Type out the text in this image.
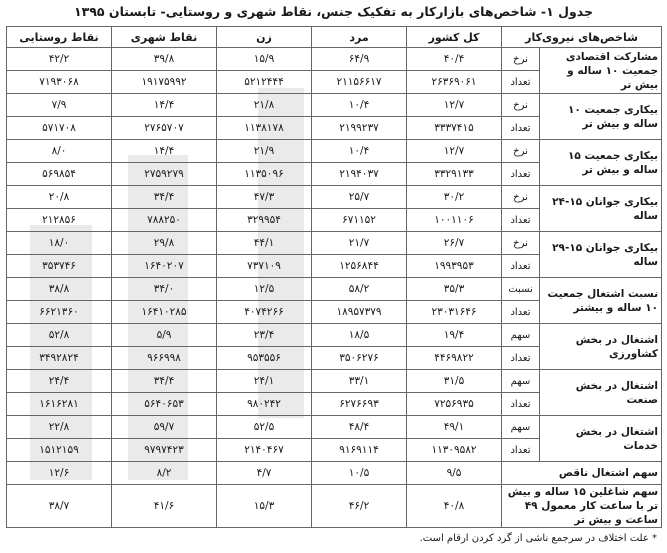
جدول ۱- شاخص‌های بازارکار به تفکیک جنس، نقاط شهری و روستایی- تابستان ۱۳۹۵
شاخص‌های نیروی‌کار		کل کشور	مرد	زن	نقاط شهری	نقاط روستایی
مشارکت اقتصادی جمعیت ۱۰ ساله و بیش تر	نرخ	۴۰/۴	۶۴/۹	۱۵/۹	۳۹/۸	۴۲/۲
	تعداد	۲۶۳۶۹۰۶۱	۲۱۱۵۶۶۱۷	۵۲۱۲۴۴۴	۱۹۱۷۵۹۹۲	۷۱۹۳۰۶۸
بیکاری جمعیت ۱۰ ساله و بیش تر	نرخ	۱۲/۷	۱۰/۴	۲۱/۸	۱۴/۴	۷/۹
	تعداد	۳۳۳۷۴۱۵	۲۱۹۹۲۳۷	۱۱۳۸۱۷۸	۲۷۶۵۷۰۷	۵۷۱۷۰۸
بیکاری جمعیت ۱۵ ساله و بیش تر	نرخ	۱۲/۷	۱۰/۴	۲۱/۹	۱۴/۴	۸/۰
	تعداد	۳۳۲۹۱۳۳	۲۱۹۴۰۳۷	۱۱۳۵۰۹۶	۲۷۵۹۲۷۹	۵۶۹۸۵۴
بیکاری جوانان ۱۵-۲۴ ساله	نرخ	۳۰/۲	۲۵/۷	۴۷/۳	۳۴/۴	۲۰/۸
	تعداد	۱۰۰۱۱۰۶	۶۷۱۱۵۲	۳۲۹۹۵۴	۷۸۸۲۵۰	۲۱۲۸۵۶
بیکاری جوانان ۱۵-۲۹ ساله	نرخ	۲۶/۷	۲۱/۷	۴۴/۱	۲۹/۸	۱۸/۰
	تعداد	۱۹۹۳۹۵۳	۱۲۵۶۸۴۴	۷۳۷۱۰۹	۱۶۴۰۲۰۷	۳۵۳۷۴۶
نسبت اشتغال جمعیت ۱۰ ساله و بیشتر	نسبت	۳۵/۳	۵۸/۲	۱۲/۵	۳۴/۰	۳۸/۸
	تعداد	۲۳۰۳۱۶۴۶	۱۸۹۵۷۳۷۹	۴۰۷۴۲۶۶	۱۶۴۱۰۲۸۵	۶۶۲۱۳۶۰
اشتغال در بخش کشاورزی	سهم	۱۹/۴	۱۸/۵	۲۳/۴	۵/۹	۵۲/۸
	تعداد	۴۴۶۹۸۲۲	۳۵۰۶۲۷۶	۹۵۳۵۵۶	۹۶۶۹۹۸	۳۴۹۲۸۲۴
اشتغال در بخش صنعت	سهم	۳۱/۵	۳۳/۱	۲۴/۱	۳۴/۴	۲۴/۴
	تعداد	۷۲۵۶۹۳۵	۶۲۷۶۶۹۳	۹۸۰۲۴۲	۵۶۴۰۶۵۳	۱۶۱۶۲۸۱
اشتغال در بخش خدمات	سهم	۴۹/۱	۴۸/۴	۵۲/۵	۵۹/۷	۲۲/۸
	تعداد	۱۱۳۰۹۵۸۲	۹۱۶۹۱۱۴	۲۱۴۰۴۶۷	۹۷۹۷۴۲۳	۱۵۱۲۱۵۹
سهم اشتغال ناقص		۹/۵	۱۰/۵	۴/۷	۸/۲	۱۲/۶
سهم شاغلین ۱۵ ساله و بیش تر با ساعت کار معمول ۴۹ ساعت و بیش تر		۴۰/۸	۴۶/۲	۱۵/۳	۴۱/۶	۳۸/۷
* علت اختلاف در سرجمع ناشی از گرد کردن ارقام است.
